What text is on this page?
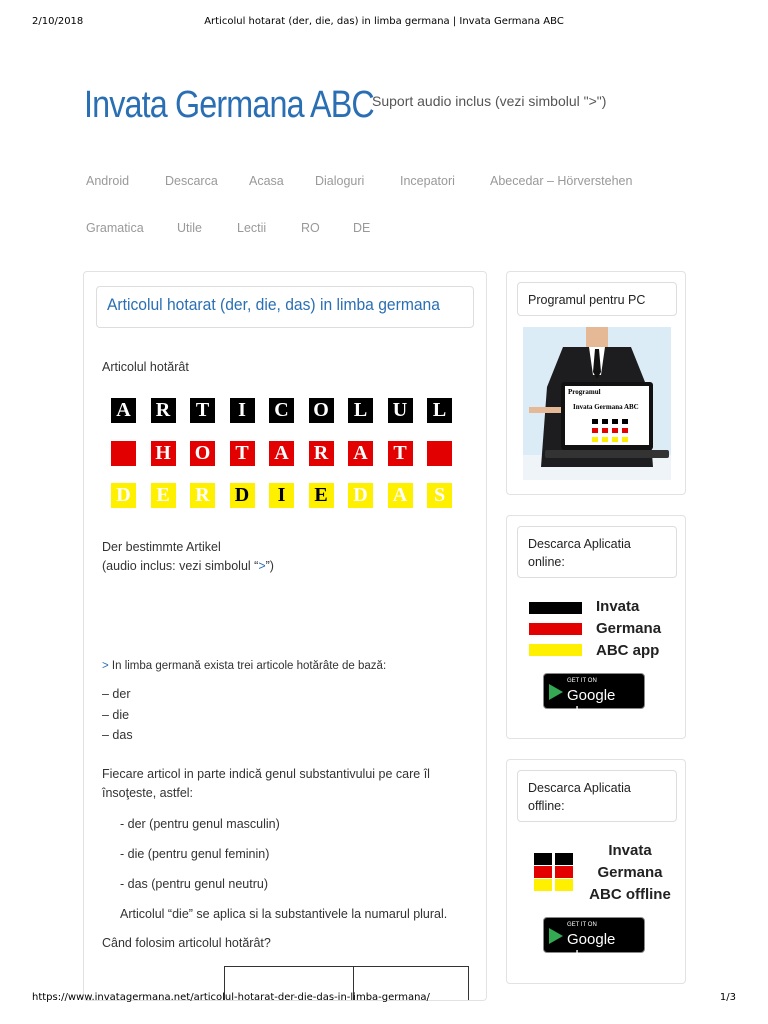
2/10/2018	Articolul hotarat (der, die, das) in limba germana | Invata Germana ABC
Invata Germana ABC
Suport audio inclus (vezi simbolul ">")
Android	Descarca	Acasa	Dialoguri	Incepatori	Abecedar – Hörverstehen
Gramatica	Utile	Lectii	RO	DE
Articolul hotarat (der, die, das) in limba germana
Articolul hotărât
A R T	I	C O L U L
H O T A R A T
D E R D	I	E D A	S
Der bestimmte Artikel
(audio inclus: vezi simbolul “>”)
> In limba germană exista trei articole hotărâte de bază:
– der
– die
– das
Fiecare articol in parte indică genul substantivului pe care îl însoţeste, astfel:
- der (pentru genul masculin)
- die (pentru genul feminin)
- das (pentru genul neutru)
Articolul “die” se aplica si la substantivele la numarul plural.
Când folosim articolul hotărât?
Programul pentru PC
Programul
Invata Germana ABC
Descarca Aplicatia online:
Invata
Germana
ABC app
GET IT ON
Google play
Descarca Aplicatia offline:
Invata
Germana
ABC offline
GET IT ON
Google play
https://www.invatagermana.net/articolul-hotarat-der-die-das-in-limba-germana/	1/3
